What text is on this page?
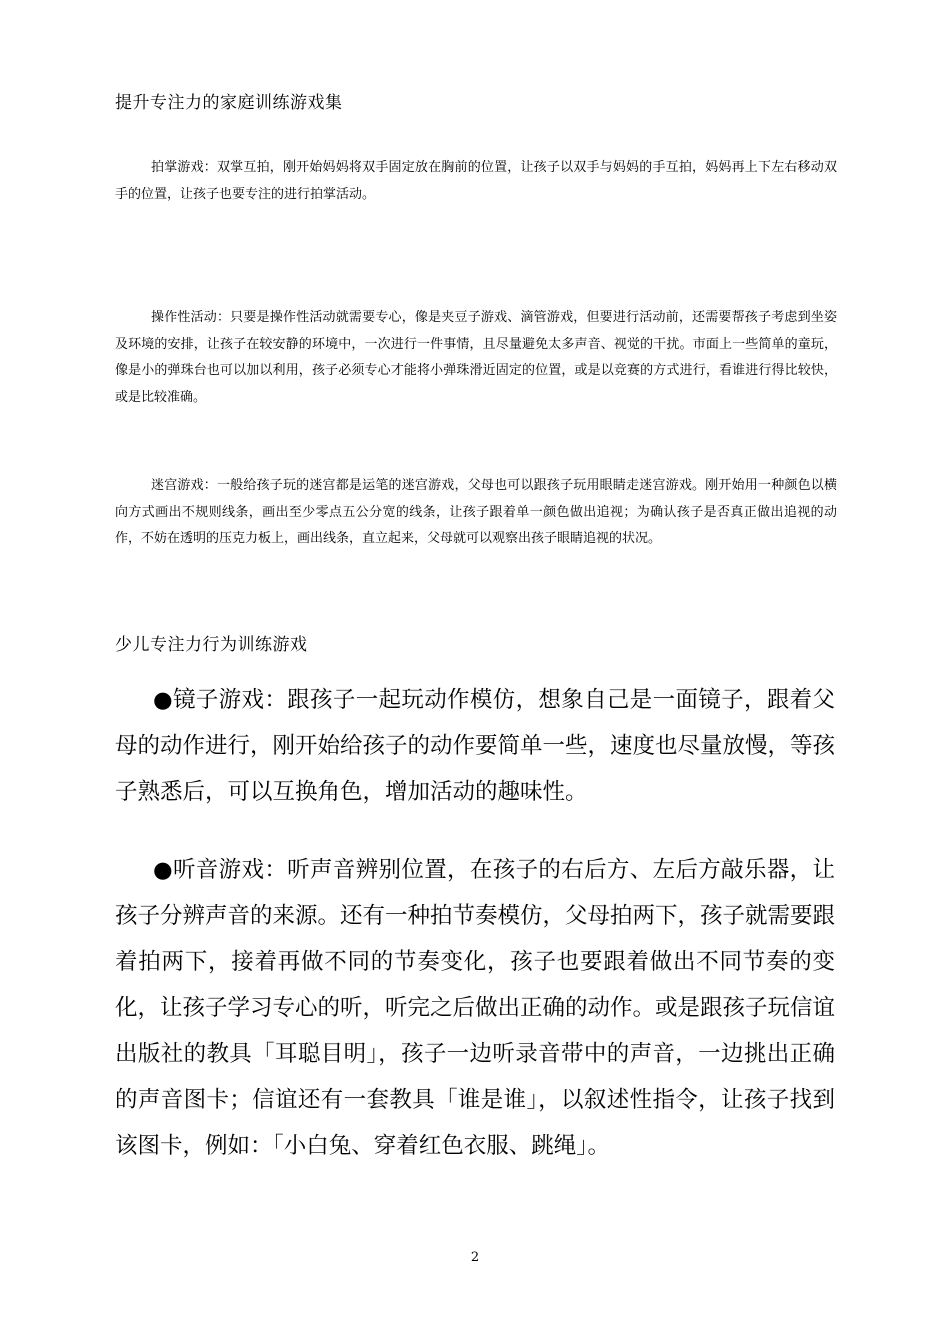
提升专注力的家庭训练游戏集
拍掌游戏：双掌互拍，刚开始妈妈将双手固定放在胸前的位置，让孩子以双手与妈妈的手互拍，妈妈再上下左右移动双手的位置，让孩子也要专注的进行拍掌活动。
操作性活动：只要是操作性活动就需要专心，像是夹豆子游戏、滴管游戏，但要进行活动前，还需要帮孩子考虑到坐姿及环境的安排，让孩子在较安静的环境中，一次进行一件事情，且尽量避免太多声音、视觉的干扰。市面上一些简单的童玩，像是小的弹珠台也可以加以利用，孩子必须专心才能将小弹珠滑近固定的位置，或是以竞赛的方式进行，看谁进行得比较快，或是比较准确。
迷宫游戏：一般给孩子玩的迷宫都是运笔的迷宫游戏，父母也可以跟孩子玩用眼睛走迷宫游戏。刚开始用一种颜色以横向方式画出不规则线条，画出至少零点五公分宽的线条，让孩子跟着单一颜色做出追视；为确认孩子是否真正做出追视的动作，不妨在透明的压克力板上，画出线条，直立起来，父母就可以观察出孩子眼睛追视的状况。
少儿专注力行为训练游戏
●镜子游戏：跟孩子一起玩动作模仿，想象自己是一面镜子，跟着父母的动作进行，刚开始给孩子的动作要简单一些，速度也尽量放慢，等孩子熟悉后，可以互换角色，增加活动的趣味性。
●听音游戏：听声音辨别位置，在孩子的右后方、左后方敲乐器，让孩子分辨声音的来源。还有一种拍节奏模仿，父母拍两下，孩子就需要跟着拍两下，接着再做不同的节奏变化，孩子也要跟着做出不同节奏的变化，让孩子学习专心的听，听完之后做出正确的动作。或是跟孩子玩信谊出版社的教具「耳聪目明」，孩子一边听录音带中的声音，一边挑出正确的声音图卡；信谊还有一套教具「谁是谁」，以叙述性指令，让孩子找到该图卡，例如：「小白兔、穿着红色衣服、跳绳」。
2
